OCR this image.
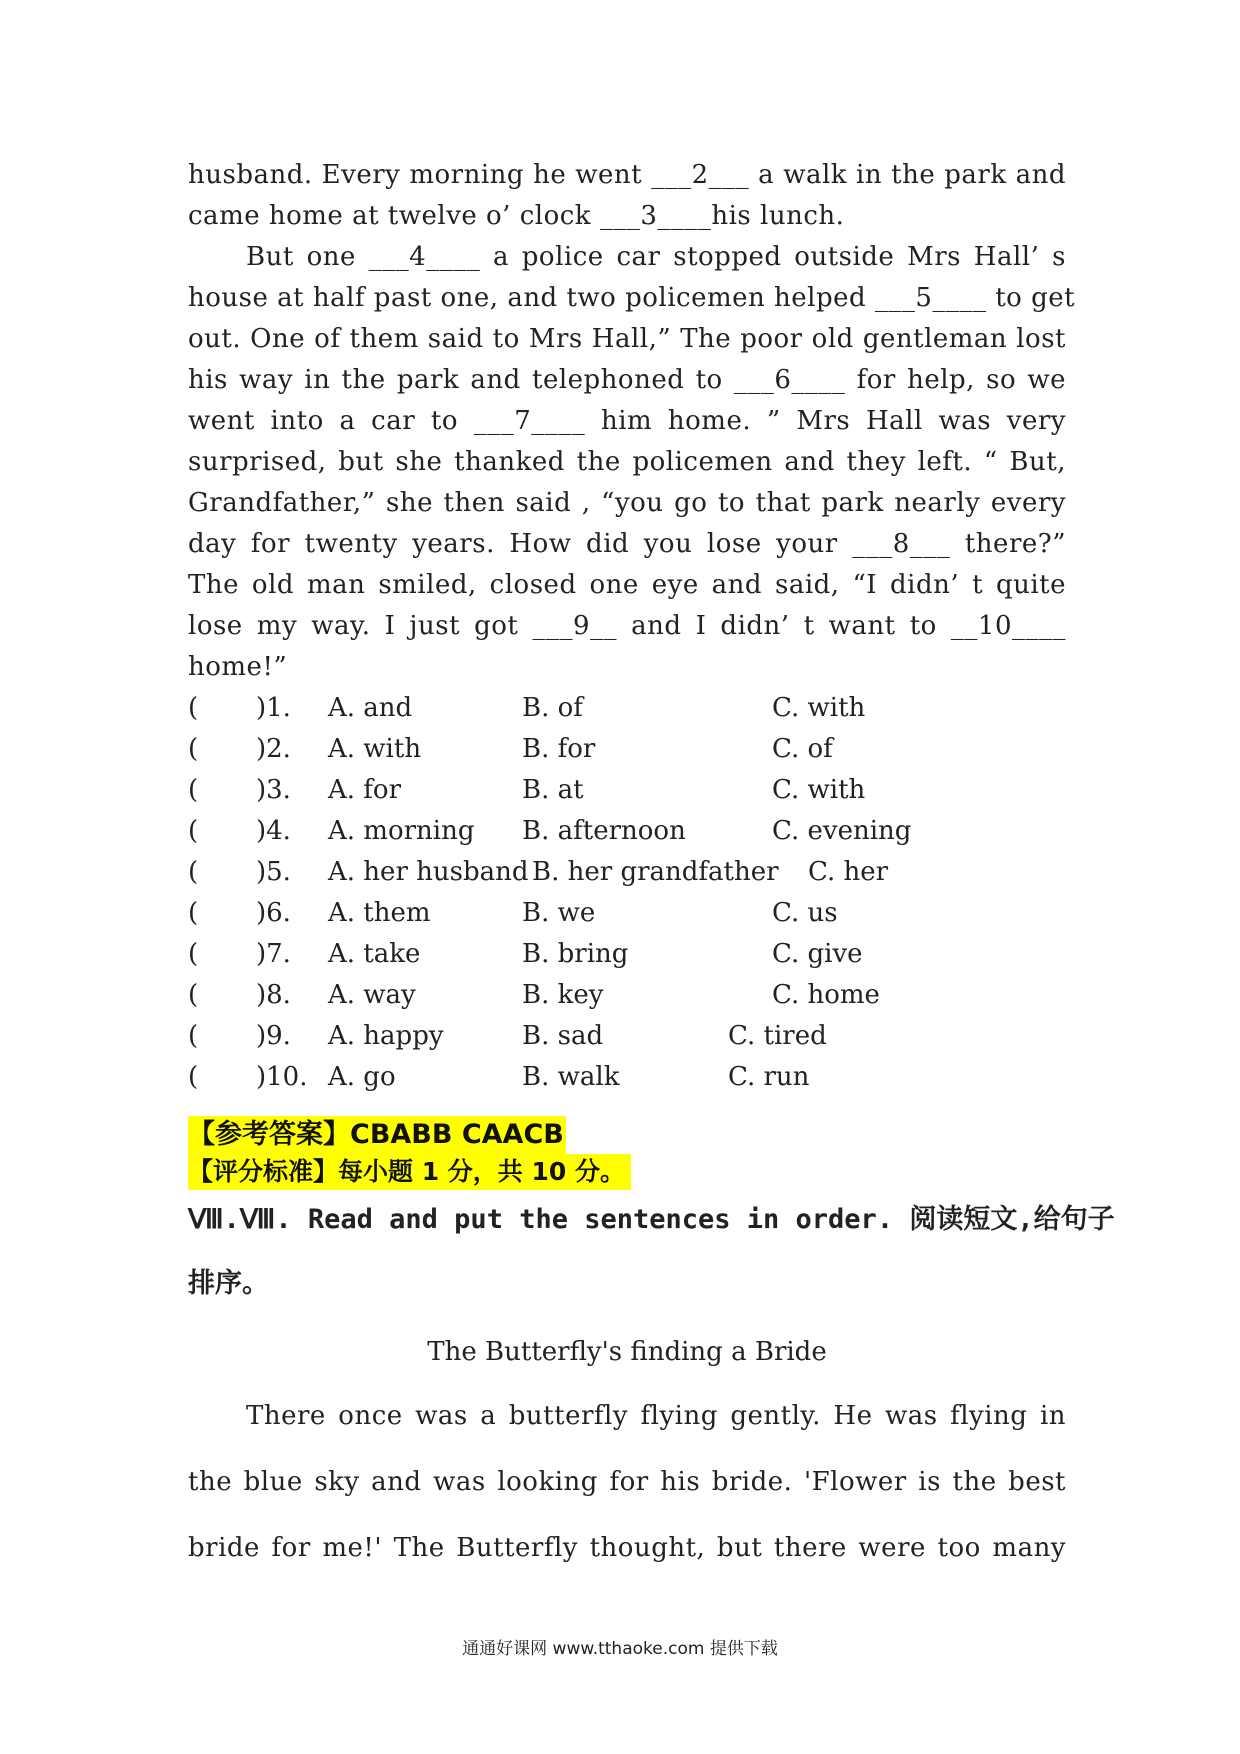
husband. Every morning he went ___2___ a walk in the park and
came home at twelve o’ clock ___3____his lunch.
But one ___4____ a police car stopped outside Mrs Hall’ s
house at half past one, and two policemen helped ___5____ to get
out. One of them said to Mrs Hall,” The poor old gentleman lost
his way in the park and telephoned to ___6____ for help, so we
went into a car to ___7____ him home. ” Mrs Hall was very
surprised, but she thanked the policemen and they left. “ But,
Grandfather,” she then said , “you go to that park nearly every
day for twenty years. How did you lose your ___8___ there?”
The old man smiled, closed one eye and said, “I didn’ t quite
lose my way. I just got ___9__ and I didn’ t want to __10____
home!”
( )1. A. and	B. of	C. with
( )2. A. with	B. for	C. of
( )3. A. for	B. at	C. with
( )4. A. morning B. afternoon	C. evening
( )5. A. her husband B. her grandfather C. her
( )6. A. them	B. we	C. us
( )7. A. take	B. bring	C. give
( )8. A. way	B. key	C. home
( )9. A. happy	B. sad	C. tired
( )10. A. go	B. walk	C. run
【参考答案】CBABB CAACB
【评分标准】每小题 1 分，共 10 分。
Ⅷ.Ⅷ. Read and put the sentences in order. 阅读短文,给句子
排序。
The Butterfly's finding a Bride
There once was a butterfly flying gently. He was flying in
the blue sky and was looking for his bride. 'Flower is the best
bride for me!' The Butterfly thought, but there were too many
通通好课网 www.tthaoke.com 提供下载
